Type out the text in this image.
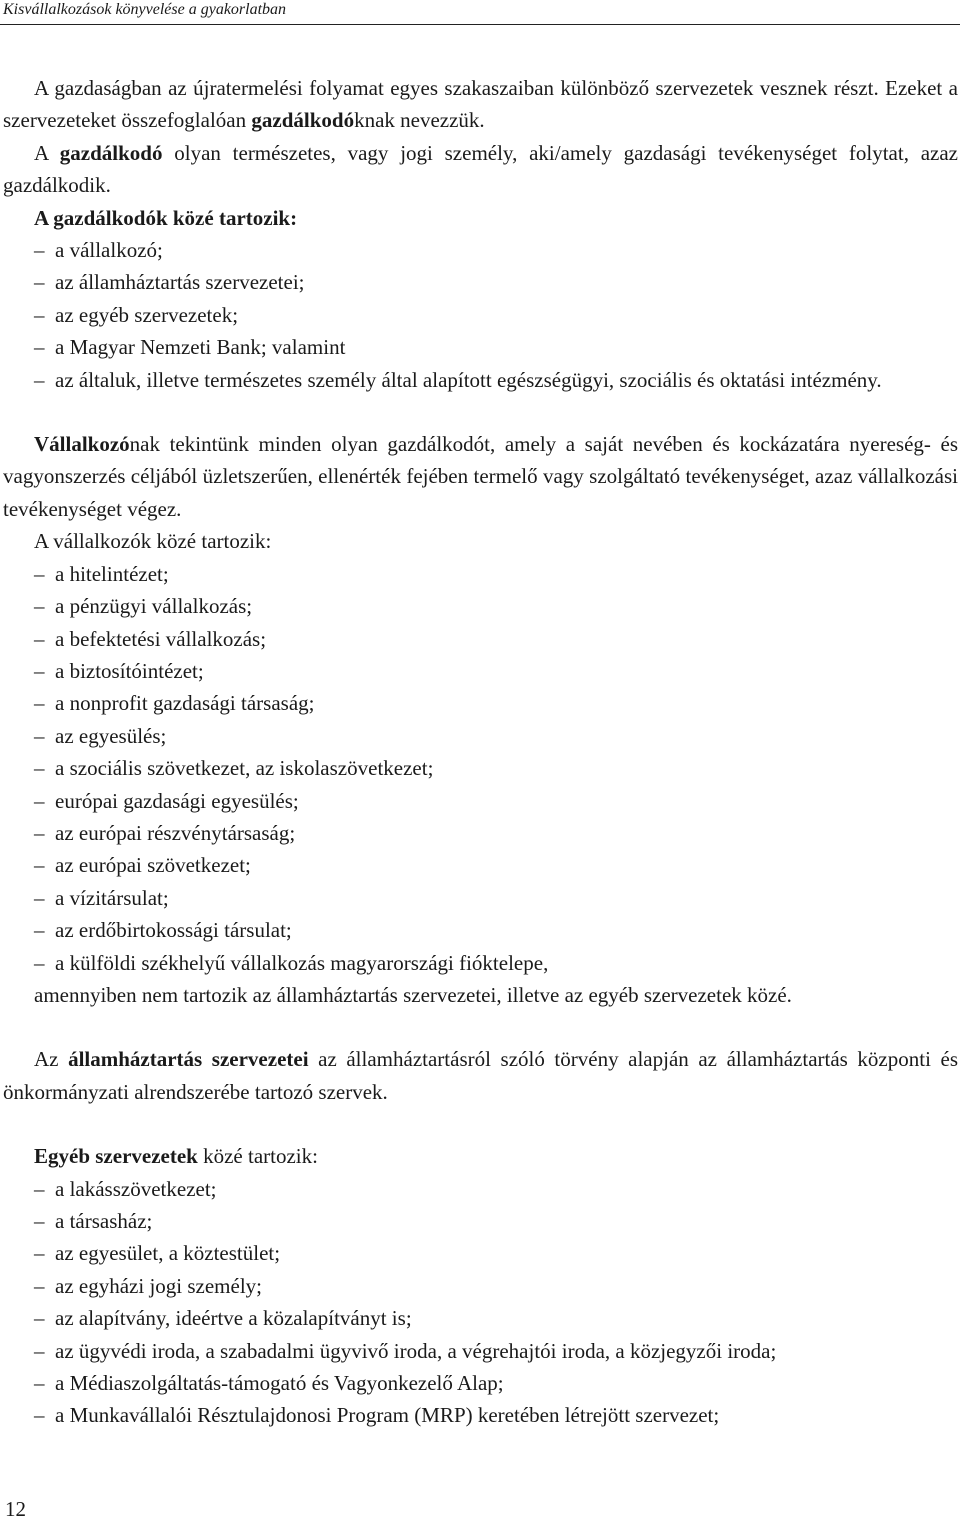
Kisvállalkozások könyvelése a gyakorlatban

A gazdaságban az újratermelési folyamat egyes szakaszaiban különböző szervezetek vesznek részt. Ezeket a szervezeteket összefoglalóan gazdálkodóknak nevezzük.

A gazdálkodó olyan természetes, vagy jogi személy, aki/amely gazdasági tevékenységet folytat, azaz gazdálkodik.

A gazdálkodók közé tartozik:

– a vállalkozó;

– az államháztartás szervezetei;

– az egyéb szervezetek;

– a Magyar Nemzeti Bank; valamint

– az általuk, illetve természetes személy által alapított egészségügyi, szociális és oktatási intézmény.

Vállalkozónak tekintünk minden olyan gazdálkodót, amely a saját nevében és kockázatára nyereség- és vagyonszerzés céljából üzletszerűen, ellenérték fejében termelő vagy szolgáltató tevékenységet, azaz vállalkozási tevékenységet végez.

A vállalkozók közé tartozik:

– a hitelintézet;

– a pénzügyi vállalkozás;

– a befektetési vállalkozás;

– a biztosítóintézet;

– a nonprofit gazdasági társaság;

– az egyesülés;

– a szociális szövetkezet, az iskolaszövetkezet;

– európai gazdasági egyesülés;

– az európai részvénytársaság;

– az európai szövetkezet;

– a vízitársulat;

– az erdőbirtokossági társulat;

– a külföldi székhelyű vállalkozás magyarországi fióktelepe,

amennyiben nem tartozik az államháztartás szervezetei, illetve az egyéb szervezetek közé.

Az államháztartás szervezetei az államháztartásról szóló törvény alapján az államháztartás központi és önkormányzati alrendszerébe tartozó szervek.

Egyéb szervezetek közé tartozik:

– a lakásszövetkezet;

– a társasház;

– az egyesület, a köztestület;

– az egyházi jogi személy;

– az alapítvány, ideértve a közalapítványt is;

– az ügyvédi iroda, a szabadalmi ügyvivő iroda, a végrehajtói iroda, a közjegyzői iroda;

– a Médiaszolgáltatás-támogató és Vagyonkezelő Alap;

– a Munkavállalói Résztulajdonosi Program (MRP) keretében létrejött szervezet;

12
